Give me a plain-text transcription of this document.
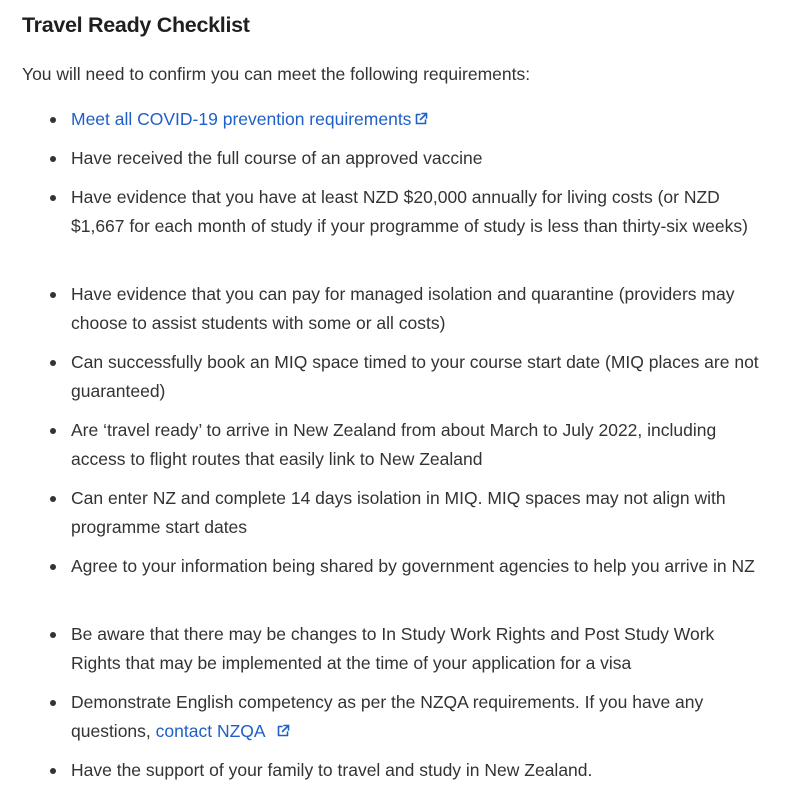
Travel Ready Checklist

You will need to confirm you can meet the following requirements:

Meet all COVID-19 prevention requirements
Have received the full course of an approved vaccine
Have evidence that you have at least NZD $20,000 annually for living costs (or NZD $1,667 for each month of study if your programme of study is less than thirty-six weeks)
Have evidence that you can pay for managed isolation and quarantine (providers may choose to assist students with some or all costs)
Can successfully book an MIQ space timed to your course start date (MIQ places are not guaranteed)
Are ‘travel ready’ to arrive in New Zealand from about March to July 2022, including access to flight routes that easily link to New Zealand
Can enter NZ and complete 14 days isolation in MIQ. MIQ spaces may not align with programme start dates
Agree to your information being shared by government agencies to help you arrive in NZ
Be aware that there may be changes to In Study Work Rights and Post Study Work Rights that may be implemented at the time of your application for a visa
Demonstrate English competency as per the NZQA requirements. If you have any questions, contact NZQA
Have the support of your family to travel and study in New Zealand.
